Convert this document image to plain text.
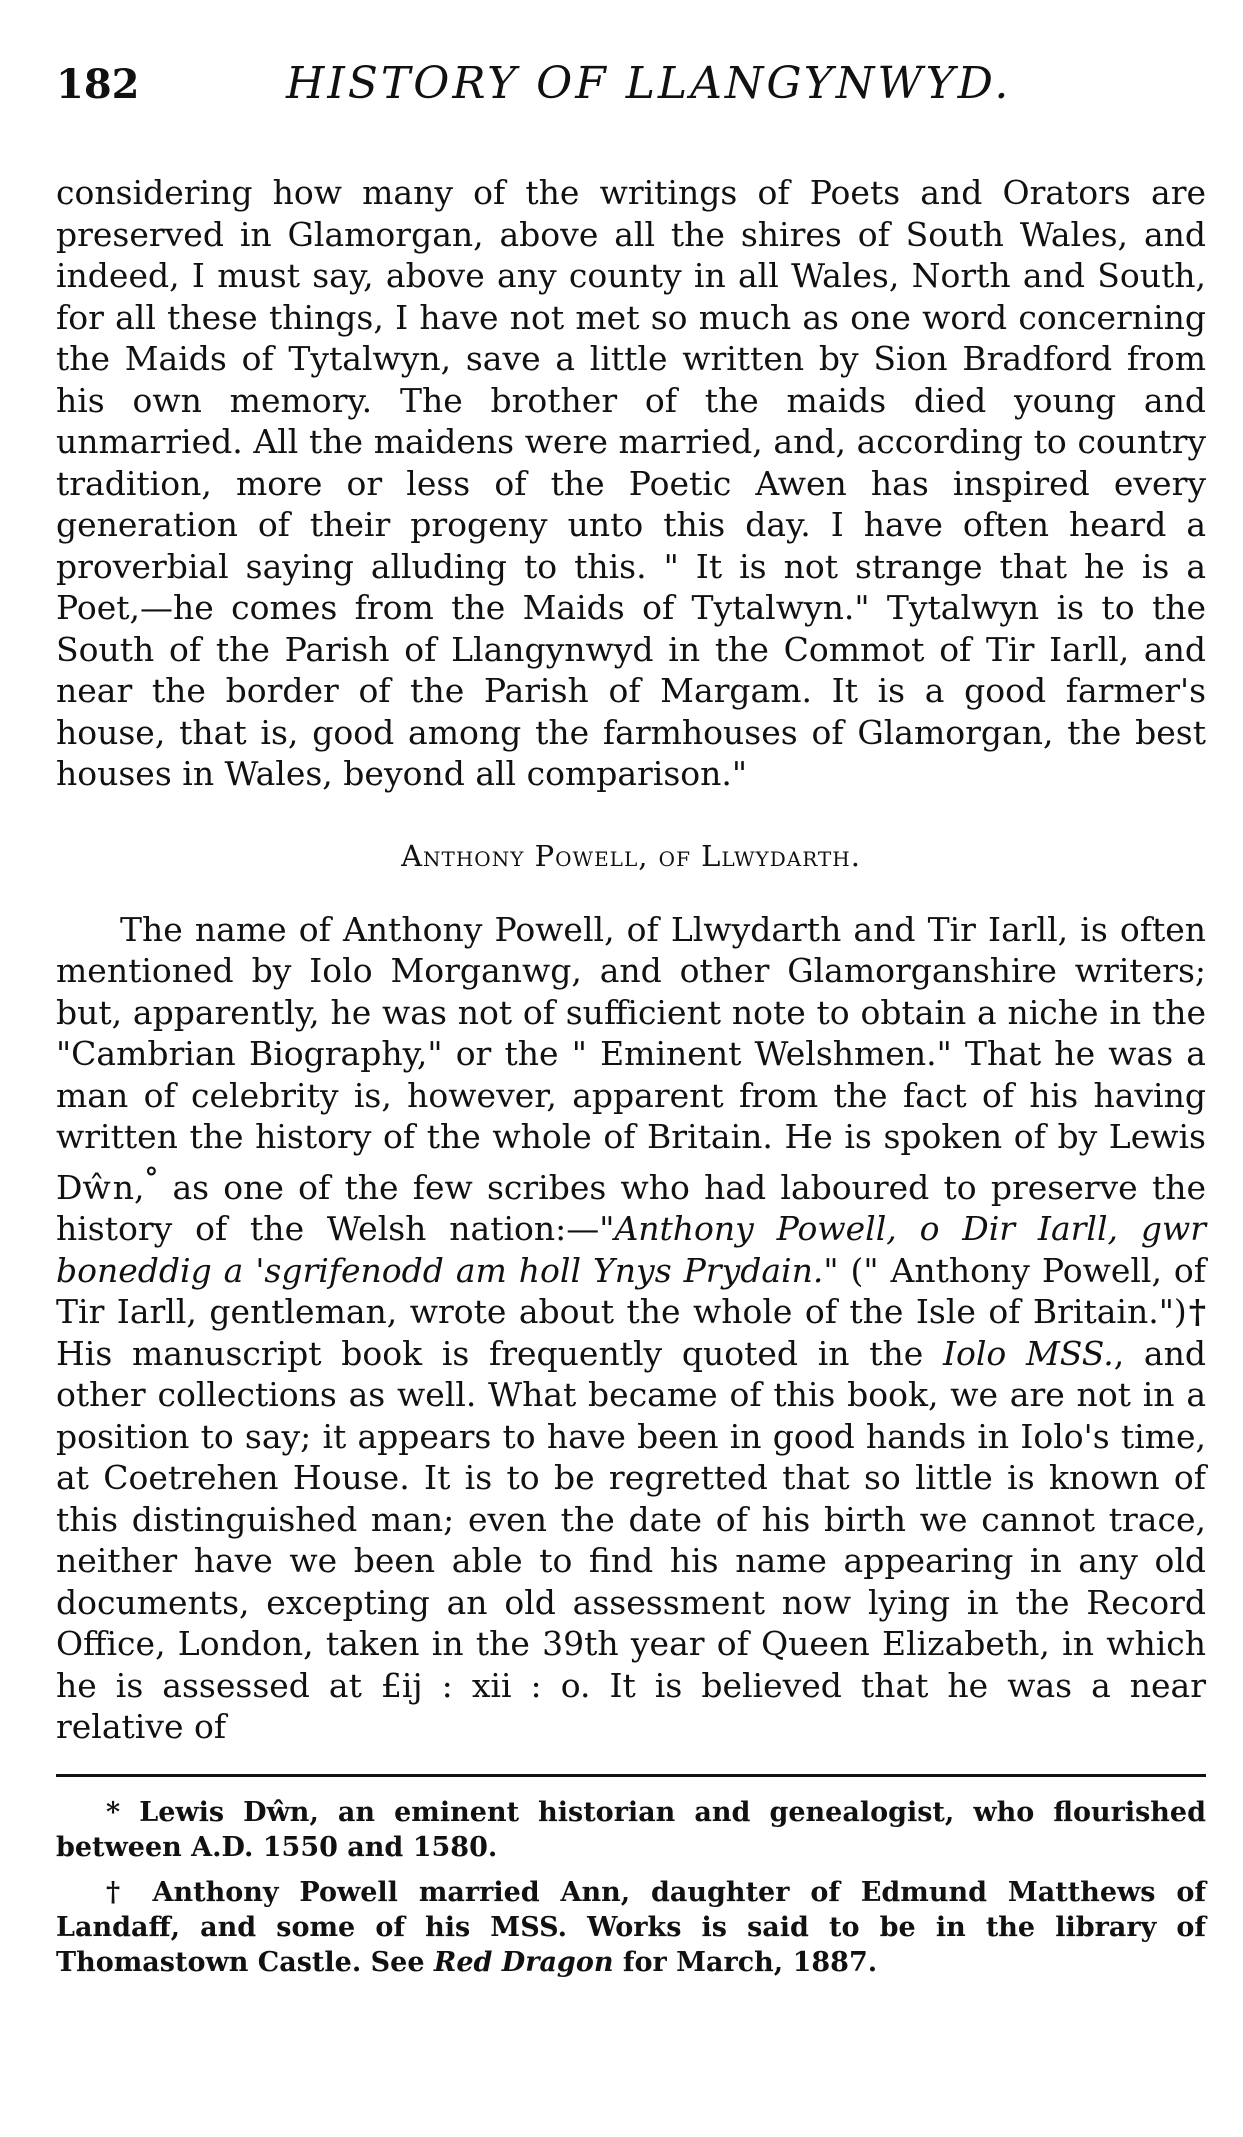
182	HISTORY OF LLANGYNWYD.

considering how many of the writings of Poets and Orators are preserved in Glamorgan, above all the shires of South Wales, and indeed, I must say, above any county in all Wales, North and South, for all these things, I have not met so much as one word concerning the Maids of Tytalwyn, save a little written by Sion Bradford from his own memory. The brother of the maids died young and unmarried. All the maidens were married, and, according to country tradition, more or less of the Poetic Awen has inspired every generation of their progeny unto this day. I have often heard a proverbial saying alluding to this. " It is not strange that he is a Poet,—he comes from the Maids of Tytalwyn." Tytalwyn is to the South of the Parish of Llangynwyd in the Commot of Tir Iarll, and near the border of the Parish of Margam. It is a good farmer's house, that is, good among the farmhouses of Glamorgan, the best houses in Wales, beyond all comparison."

Anthony Powell, of Llwydarth.

The name of Anthony Powell, of Llwydarth and Tir Iarll, is often mentioned by Iolo Morganwg, and other Glamorganshire writers; but, apparently, he was not of sufficient note to obtain a niche in the "Cambrian Biography," or the " Eminent Welshmen." That he was a man of celebrity is, however, apparent from the fact of his having written the history of the whole of Britain. He is spoken of by Lewis Dŵn,° as one of the few scribes who had laboured to preserve the history of the Welsh nation:—"Anthony Powell, o Dir Iarll, gwr boneddig a 'sgrifenodd am holl Ynys Prydain." (" Anthony Powell, of Tir Iarll, gentleman, wrote about the whole of the Isle of Britain.")† His manuscript book is frequently quoted in the Iolo MSS., and other collections as well. What became of this book, we are not in a position to say; it appears to have been in good hands in Iolo's time, at Coetrehen House. It is to be regretted that so little is known of this distinguished man; even the date of his birth we cannot trace, neither have we been able to find his name appearing in any old documents, excepting an old assessment now lying in the Record Office, London, taken in the 39th year of Queen Elizabeth, in which he is assessed at £ij : xii : o. It is believed that he was a near relative of

* Lewis Dŵn, an eminent historian and genealogist, who flourished between A.D. 1550 and 1580.

† Anthony Powell married Ann, daughter of Edmund Matthews of Landaff, and some of his MSS. Works is said to be in the library of Thomastown Castle. See Red Dragon for March, 1887.
